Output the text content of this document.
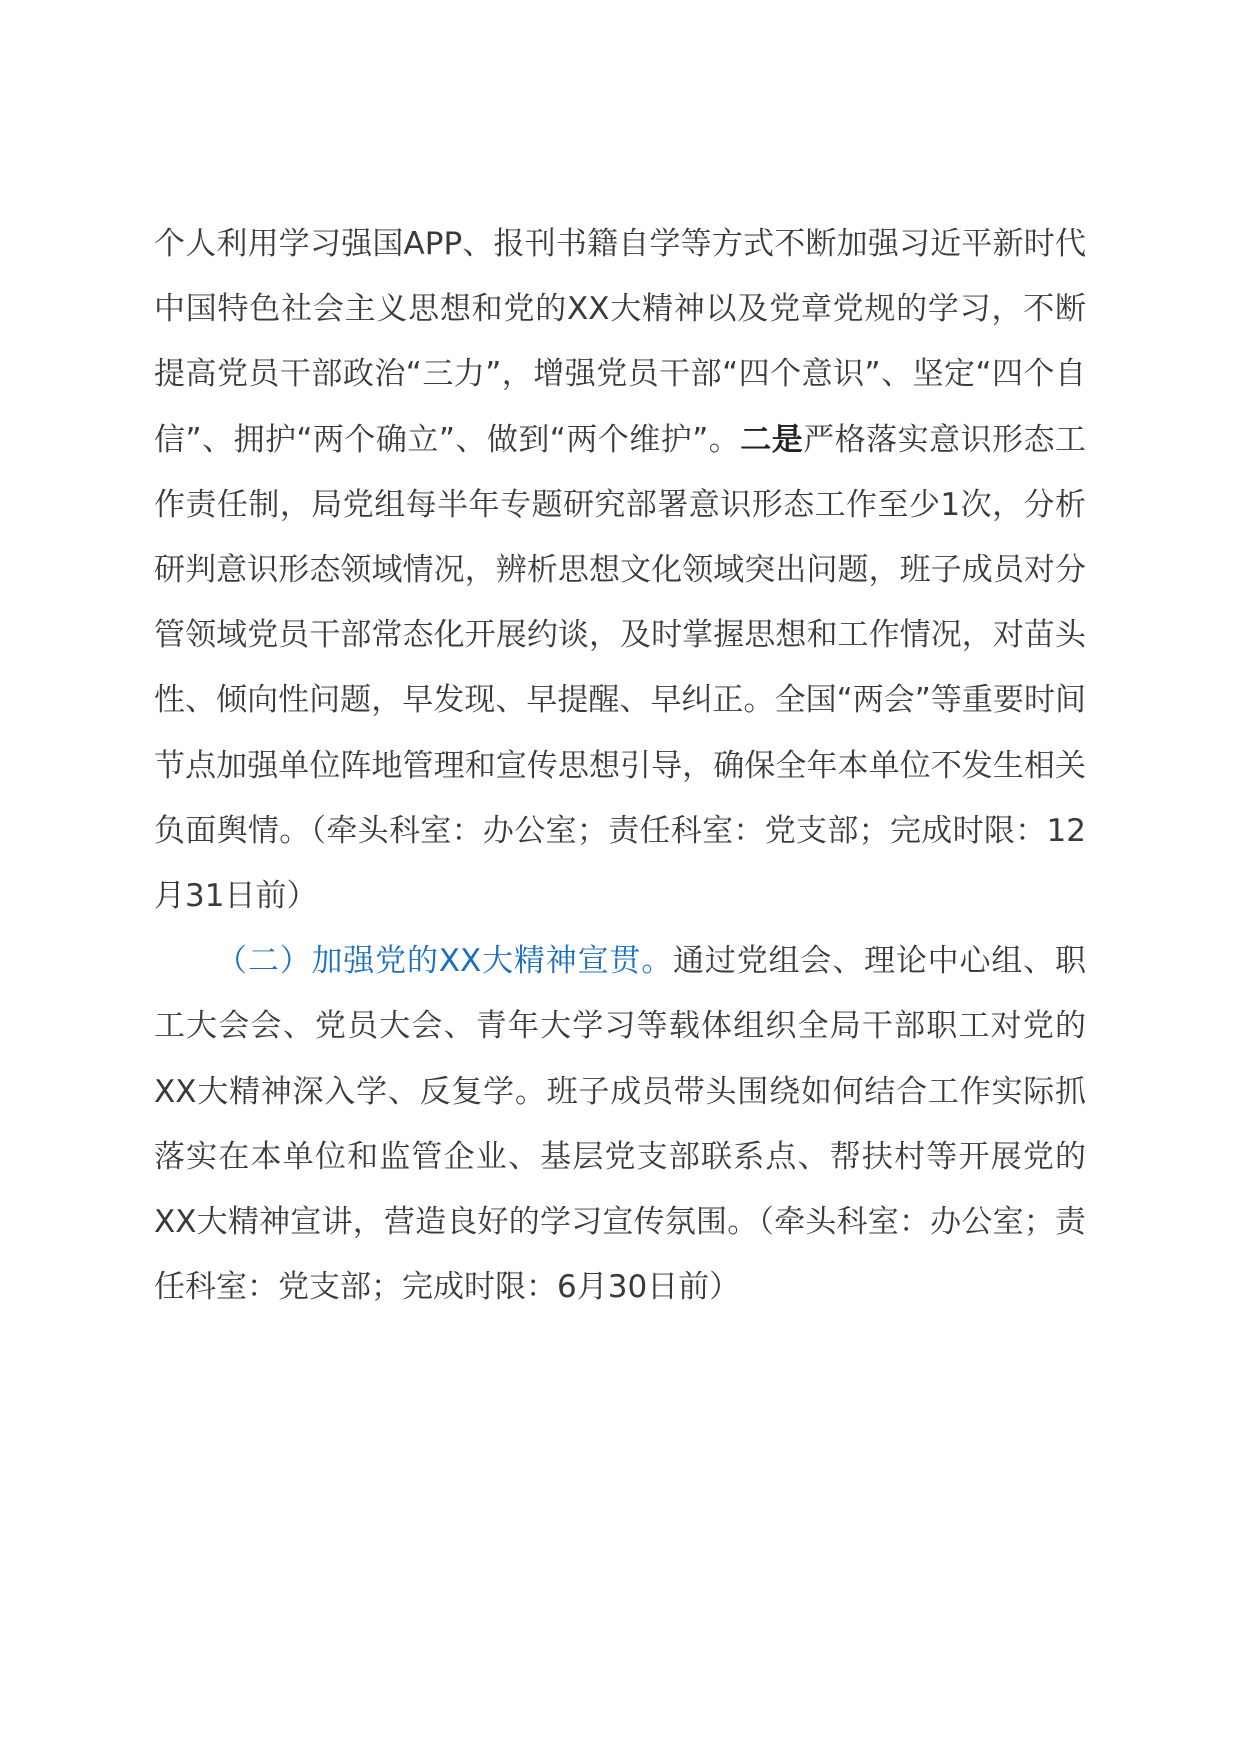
个人利用学习强国APP、报刊书籍自学等方式不断加强习近平新时代中国特色社会主义思想和党的XX大精神以及党章党规的学习，不断提高党员干部政治“三力”，增强党员干部“四个意识”、坚定“四个自信”、拥护“两个确立”、做到“两个维护”。二是严格落实意识形态工作责任制，局党组每半年专题研究部署意识形态工作至少1次，分析研判意识形态领域情况，辨析思想文化领域突出问题，班子成员对分管领域党员干部常态化开展约谈，及时掌握思想和工作情况，对苗头性、倾向性问题，早发现、早提醒、早纠正。全国“两会”等重要时间节点加强单位阵地管理和宣传思想引导，确保全年本单位不发生相关负面舆情。（牵头科室：办公室；责任科室：党支部；完成时限：12月31日前）

（二）加强党的XX大精神宣贯。通过党组会、理论中心组、职工大会会、党员大会、青年大学习等载体组织全局干部职工对党的XX大精神深入学、反复学。班子成员带头围绕如何结合工作实际抓落实在本单位和监管企业、基层党支部联系点、帮扶村等开展党的XX大精神宣讲，营造良好的学习宣传氛围。（牵头科室：办公室；责任科室：党支部；完成时限：6月30日前）
